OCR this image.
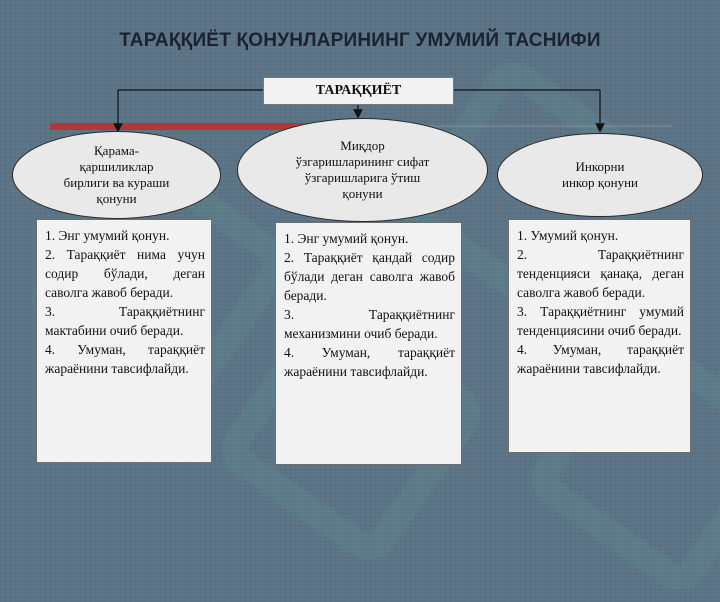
ТАРАҚҚИЁТ ҚОНУНЛАРИНИНГ УМУМИЙ ТАСНИФИ
ТАРАҚҚИЁТ
Қарама-
қаршиликлар
бирлиги ва кураши
қонуни
Миқдор
ўзгаришларининг сифат
ўзгаришларига ўтиш
қонуни
Инкорни
инкор қонуни
1. Энг умумий қонун.
2. Тараққиёт нима учун содир бўлади, деган саволга жавоб беради.
3. Тараққиётнинг мактабини очиб беради.
4. Умуман, тараққиёт жараёнини тавсифлайди.
1. Энг умумий қонун.
2. Тараққиёт қандай содир бўлади деган саволга жавоб беради.
3. Тараққиётнинг механизмини очиб беради.
4. Умуман, тараққиёт жараёнини тавсифлайди.
1. Умумий қонун.
2. Тараққиётнинг тенденцияси қанақа, деган саволга жавоб беради.
3. Тараққиётнинг умумий тенденциясини очиб беради.
4. Умуман, тараққиёт жараёнини тавсифлайди.
